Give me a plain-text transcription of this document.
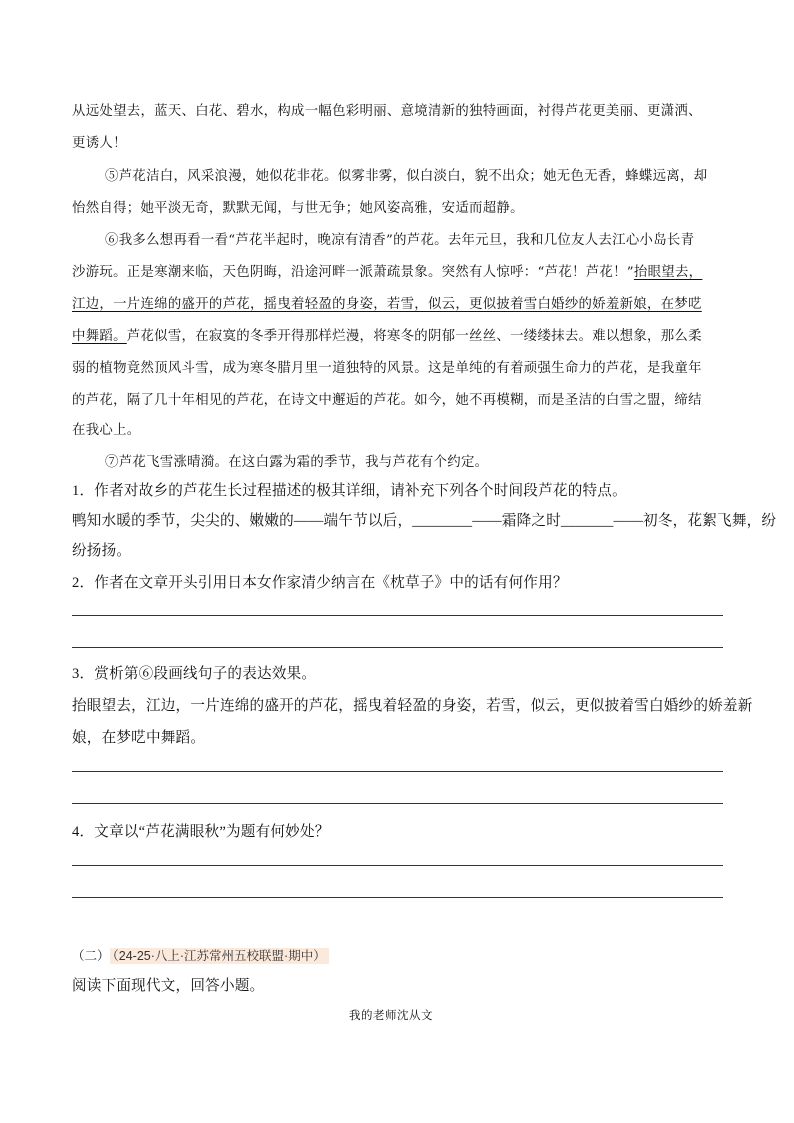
从远处望去，蓝天、白花、碧水，构成一幅色彩明丽、意境清新的独特画面，衬得芦花更美丽、更潇洒、
更诱人！
⑤芦花洁白，风采浪漫，她似花非花。似雾非雾，似白淡白，貌不出众；她无色无香，蜂蝶远离，却
怡然自得；她平淡无奇，默默无闻，与世无争；她风姿高雅，安适而超静。
⑥我多么想再看一看“芦花半起时，晚凉有清香”的芦花。去年元旦，我和几位友人去江心小岛长青
沙游玩。正是寒潮来临，天色阴晦，沿途河畔一派萧疏景象。突然有人惊呼：“芦花！芦花！”抬眼望去，
江边，一片连绵的盛开的芦花，摇曳着轻盈的身姿，若雪，似云，更似披着雪白婚纱的娇羞新娘，在梦呓
中舞蹈。芦花似雪，在寂寞的冬季开得那样烂漫，将寒冬的阴郁一丝丝、一缕缕抹去。难以想象，那么柔
弱的植物竟然顶风斗雪，成为寒冬腊月里一道独特的风景。这是单纯的有着顽强生命力的芦花，是我童年
的芦花，隔了几十年相见的芦花，在诗文中邂逅的芦花。如今，她不再模糊，而是圣洁的白雪之盟，缔结
在我心上。
⑦芦花飞雪涨晴漪。在这白露为霜的季节，我与芦花有个约定。
1．作者对故乡的芦花生长过程描述的极其详细，请补充下列各个时间段芦花的特点。
鸭知水暖的季节，尖尖的、嫩嫩的——端午节以后，________——霜降之时_______——初冬，花絮飞舞，纷
纷扬扬。
2．作者在文章开头引用日本女作家清少纳言在《枕草子》中的话有何作用？
3．赏析第⑥段画线句子的表达效果。
抬眼望去，江边，一片连绵的盛开的芦花，摇曳着轻盈的身姿，若雪，似云，更似披着雪白婚纱的娇羞新
娘，在梦呓中舞蹈。
4．文章以“芦花满眼秋”为题有何妙处？
（二） （24-25·八上·江苏常州五校联盟·期中）
阅读下面现代文，回答小题。
我的老师沈从文
